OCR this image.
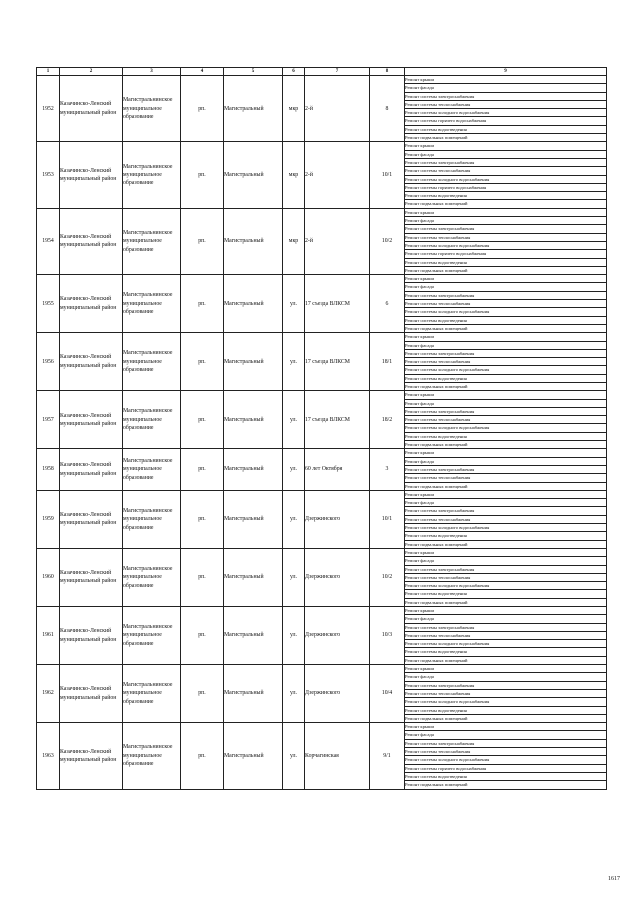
1	2	3	4	5	6	7	8	9

1952	Казачинско-Ленский муниципальный район	Магистральнинское муниципальное образование	рп.	Магистральный	мкр	2-й	8	Ремонт крыши
								Ремонт фасада
								Ремонт системы электроснабжения
								Ремонт системы теплоснабжения
								Ремонт системы холодного водоснабжения
								Ремонт системы горячего водоснабжения
								Ремонт системы водоотведения
								Ремонт подвальных помещений

1953	Казачинско-Ленский муниципальный район	Магистральнинское муниципальное образование	рп.	Магистральный	мкр	2-й	10/1	Ремонт крыши
								Ремонт фасада
								Ремонт системы электроснабжения
								Ремонт системы теплоснабжения
								Ремонт системы холодного водоснабжения
								Ремонт системы горячего водоснабжения
								Ремонт системы водоотведения
								Ремонт подвальных помещений

1954	Казачинско-Ленский муниципальный район	Магистральнинское муниципальное образование	рп.	Магистральный	мкр	2-й	10/2	Ремонт крыши
								Ремонт фасада
								Ремонт системы электроснабжения
								Ремонт системы теплоснабжения
								Ремонт системы холодного водоснабжения
								Ремонт системы горячего водоснабжения
								Ремонт системы водоотведения
								Ремонт подвальных помещений

1955	Казачинско-Ленский муниципальный район	Магистральнинское муниципальное образование	рп.	Магистральный	ул.	17 съезда ВЛКСМ	6	Ремонт крыши
								Ремонт фасада
								Ремонт системы электроснабжения
								Ремонт системы теплоснабжения
								Ремонт системы холодного водоснабжения
								Ремонт системы водоотведения
								Ремонт подвальных помещений

1956	Казачинско-Ленский муниципальный район	Магистральнинское муниципальное образование	рп.	Магистральный	ул.	17 съезда ВЛКСМ	18/1	Ремонт крыши
								Ремонт фасада
								Ремонт системы электроснабжения
								Ремонт системы теплоснабжения
								Ремонт системы холодного водоснабжения
								Ремонт системы водоотведения
								Ремонт подвальных помещений

1957	Казачинско-Ленский муниципальный район	Магистральнинское муниципальное образование	рп.	Магистральный	ул.	17 съезда ВЛКСМ	18/2	Ремонт крыши
								Ремонт фасада
								Ремонт системы электроснабжения
								Ремонт системы теплоснабжения
								Ремонт системы холодного водоснабжения
								Ремонт системы водоотведения
								Ремонт подвальных помещений

1958	Казачинско-Ленский муниципальный район	Магистральнинское муниципальное образование	рп.	Магистральный	ул.	60 лет Октября	3	Ремонт крыши
								Ремонт фасада
								Ремонт системы электроснабжения
								Ремонт системы теплоснабжения
								Ремонт подвальных помещений

1959	Казачинско-Ленский муниципальный район	Магистральнинское муниципальное образование	рп.	Магистральный	ул.	Дзержинского	10/1	Ремонт крыши
								Ремонт фасада
								Ремонт системы электроснабжения
								Ремонт системы теплоснабжения
								Ремонт системы холодного водоснабжения
								Ремонт системы водоотведения
								Ремонт подвальных помещений

1960	Казачинско-Ленский муниципальный район	Магистральнинское муниципальное образование	рп.	Магистральный	ул.	Дзержинского	10/2	Ремонт крыши
								Ремонт фасада
								Ремонт системы электроснабжения
								Ремонт системы теплоснабжения
								Ремонт системы холодного водоснабжения
								Ремонт системы водоотведения
								Ремонт подвальных помещений

1961	Казачинско-Ленский муниципальный район	Магистральнинское муниципальное образование	рп.	Магистральный	ул.	Дзержинского	10/3	Ремонт крыши
								Ремонт фасада
								Ремонт системы электроснабжения
								Ремонт системы теплоснабжения
								Ремонт системы холодного водоснабжения
								Ремонт системы водоотведения
								Ремонт подвальных помещений

1962	Казачинско-Ленский муниципальный район	Магистральнинское муниципальное образование	рп.	Магистральный	ул.	Дзержинского	10/4	Ремонт крыши
								Ремонт фасада
								Ремонт системы электроснабжения
								Ремонт системы теплоснабжения
								Ремонт системы холодного водоснабжения
								Ремонт системы водоотведения
								Ремонт подвальных помещений

1963	Казачинско-Ленский муниципальный район	Магистральнинское муниципальное образование	рп.	Магистральный	ул.	Корчагинская	9/1	Ремонт крыши
								Ремонт фасада
								Ремонт системы электроснабжения
								Ремонт системы теплоснабжения
								Ремонт системы холодного водоснабжения
								Ремонт системы горячего водоснабжения
								Ремонт системы водоотведения
								Ремонт подвальных помещений
1617
